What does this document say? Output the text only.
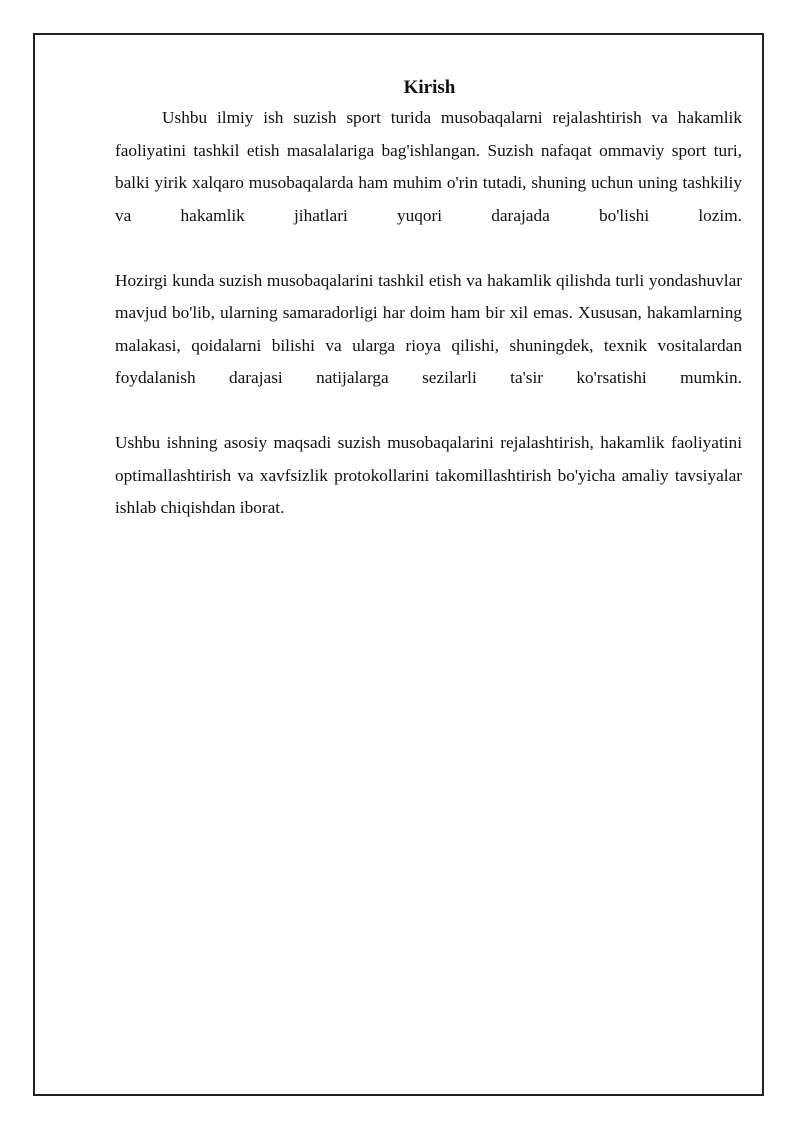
Kirish

Ushbu ilmiy ish suzish sport turida musobaqalarni rejalashtirish va hakamlik faoliyatini tashkil etish masalalariga bag'ishlangan. Suzish nafaqat ommaviy sport turi, balki yirik xalqaro musobaqalarda ham muhim o'rin tutadi, shuning uchun uning tashkiliy va hakamlik jihatlari yuqori darajada bo'lishi lozim.

Hozirgi kunda suzish musobaqalarini tashkil etish va hakamlik qilishda turli yondashuvlar mavjud bo'lib, ularning samaradorligi har doim ham bir xil emas. Xususan, hakamlarning malakasi, qoidalarni bilishi va ularga rioya qilishi, shuningdek, texnik vositalardan foydalanish darajasi natijalarga sezilarli ta'sir ko'rsatishi mumkin.

Ushbu ishning asosiy maqsadi suzish musobaqalarini rejalashtirish, hakamlik faoliyatini optimallashtirish va xavfsizlik protokollarini takomillashtirish bo'yicha amaliy tavsiyalar ishlab chiqishdan iborat.
